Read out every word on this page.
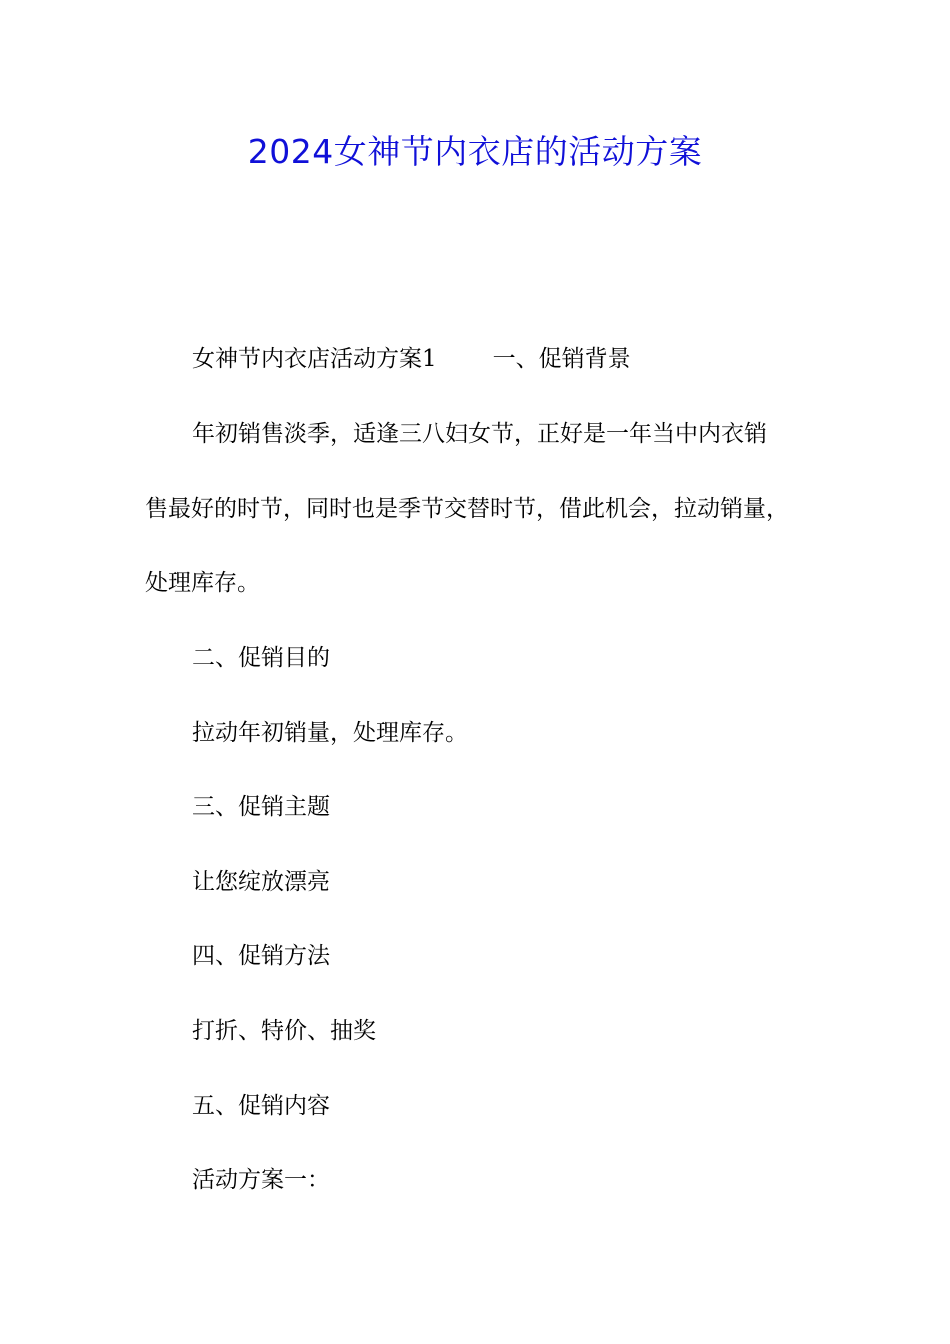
2024女神节内衣店的活动方案
女神节内衣店活动方案1 一、促销背景
年初销售淡季，适逢三八妇女节，正好是一年当中内衣销
售最好的时节，同时也是季节交替时节，借此机会，拉动销量，
处理库存。
二、促销目的
拉动年初销量，处理库存。
三、促销主题
让您绽放漂亮
四、促销方法
打折、特价、抽奖
五、促销内容
活动方案一：
